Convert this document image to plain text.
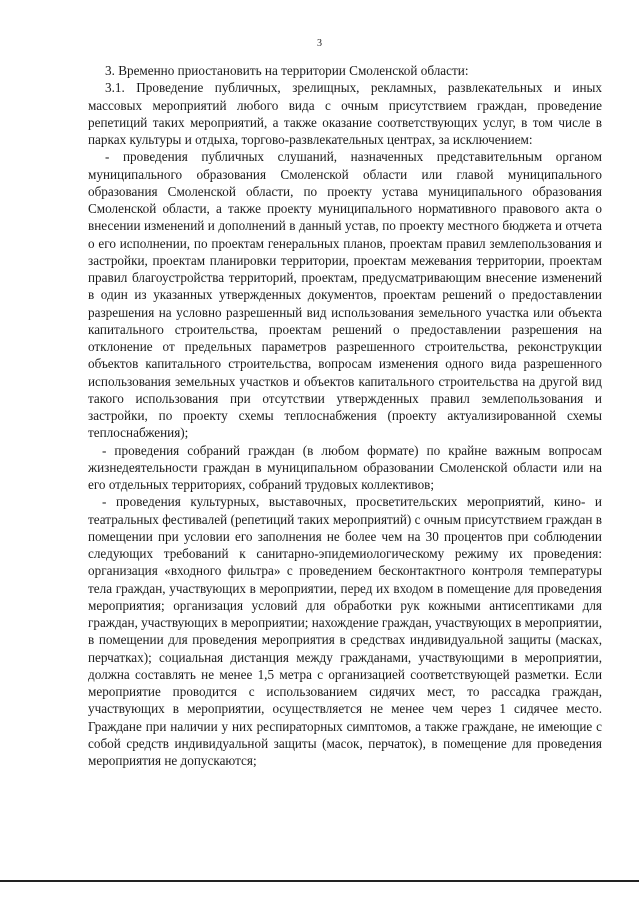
3

3. Временно приостановить на территории Смоленской области:

3.1. Проведение публичных, зрелищных, рекламных, развлекательных и иных массовых мероприятий любого вида с очным присутствием граждан, проведение репетиций таких мероприятий, а также оказание соответствующих услуг, в том числе в парках культуры и отдыха, торгово-развлекательных центрах, за исключением:

- проведения публичных слушаний, назначенных представительным органом муниципального образования Смоленской области или главой муниципального образования Смоленской области, по проекту устава муниципального образования Смоленской области, а также проекту муниципального нормативного правового акта о внесении изменений и дополнений в данный устав, по проекту местного бюджета и отчета о его исполнении, по проектам генеральных планов, проектам правил землепользования и застройки, проектам планировки территории, проектам межевания территории, проектам правил благоустройства территорий, проектам, предусматривающим внесение изменений в один из указанных утвержденных документов, проектам решений о предоставлении разрешения на условно разрешенный вид использования земельного участка или объекта капитального строительства, проектам решений о предоставлении разрешения на отклонение от предельных параметров разрешенного строительства, реконструкции объектов капитального строительства, вопросам изменения одного вида разрешенного использования земельных участков и объектов капитального строительства на другой вид такого использования при отсутствии утвержденных правил землепользования и застройки, по проекту схемы теплоснабжения (проекту актуализированной схемы теплоснабжения);

- проведения собраний граждан (в любом формате) по крайне важным вопросам жизнедеятельности граждан в муниципальном образовании Смоленской области или на его отдельных территориях, собраний трудовых коллективов;

- проведения культурных, выставочных, просветительских мероприятий, кино- и театральных фестивалей (репетиций таких мероприятий) с очным присутствием граждан в помещении при условии его заполнения не более чем на 30 процентов при соблюдении следующих требований к санитарно-эпидемиологическому режиму их проведения: организация «входного фильтра» с проведением бесконтактного контроля температуры тела граждан, участвующих в мероприятии, перед их входом в помещение для проведения мероприятия; организация условий для обработки рук кожными антисептиками для граждан, участвующих в мероприятии; нахождение граждан, участвующих в мероприятии, в помещении для проведения мероприятия в средствах индивидуальной защиты (масках, перчатках); социальная дистанция между гражданами, участвующими в мероприятии, должна составлять не менее 1,5 метра с организацией соответствующей разметки. Если мероприятие проводится с использованием сидячих мест, то рассадка граждан, участвующих в мероприятии, осуществляется не менее чем через 1 сидячее место. Граждане при наличии у них респираторных симптомов, а также граждане, не имеющие с собой средств индивидуальной защиты (масок, перчаток), в помещение для проведения мероприятия не допускаются;
